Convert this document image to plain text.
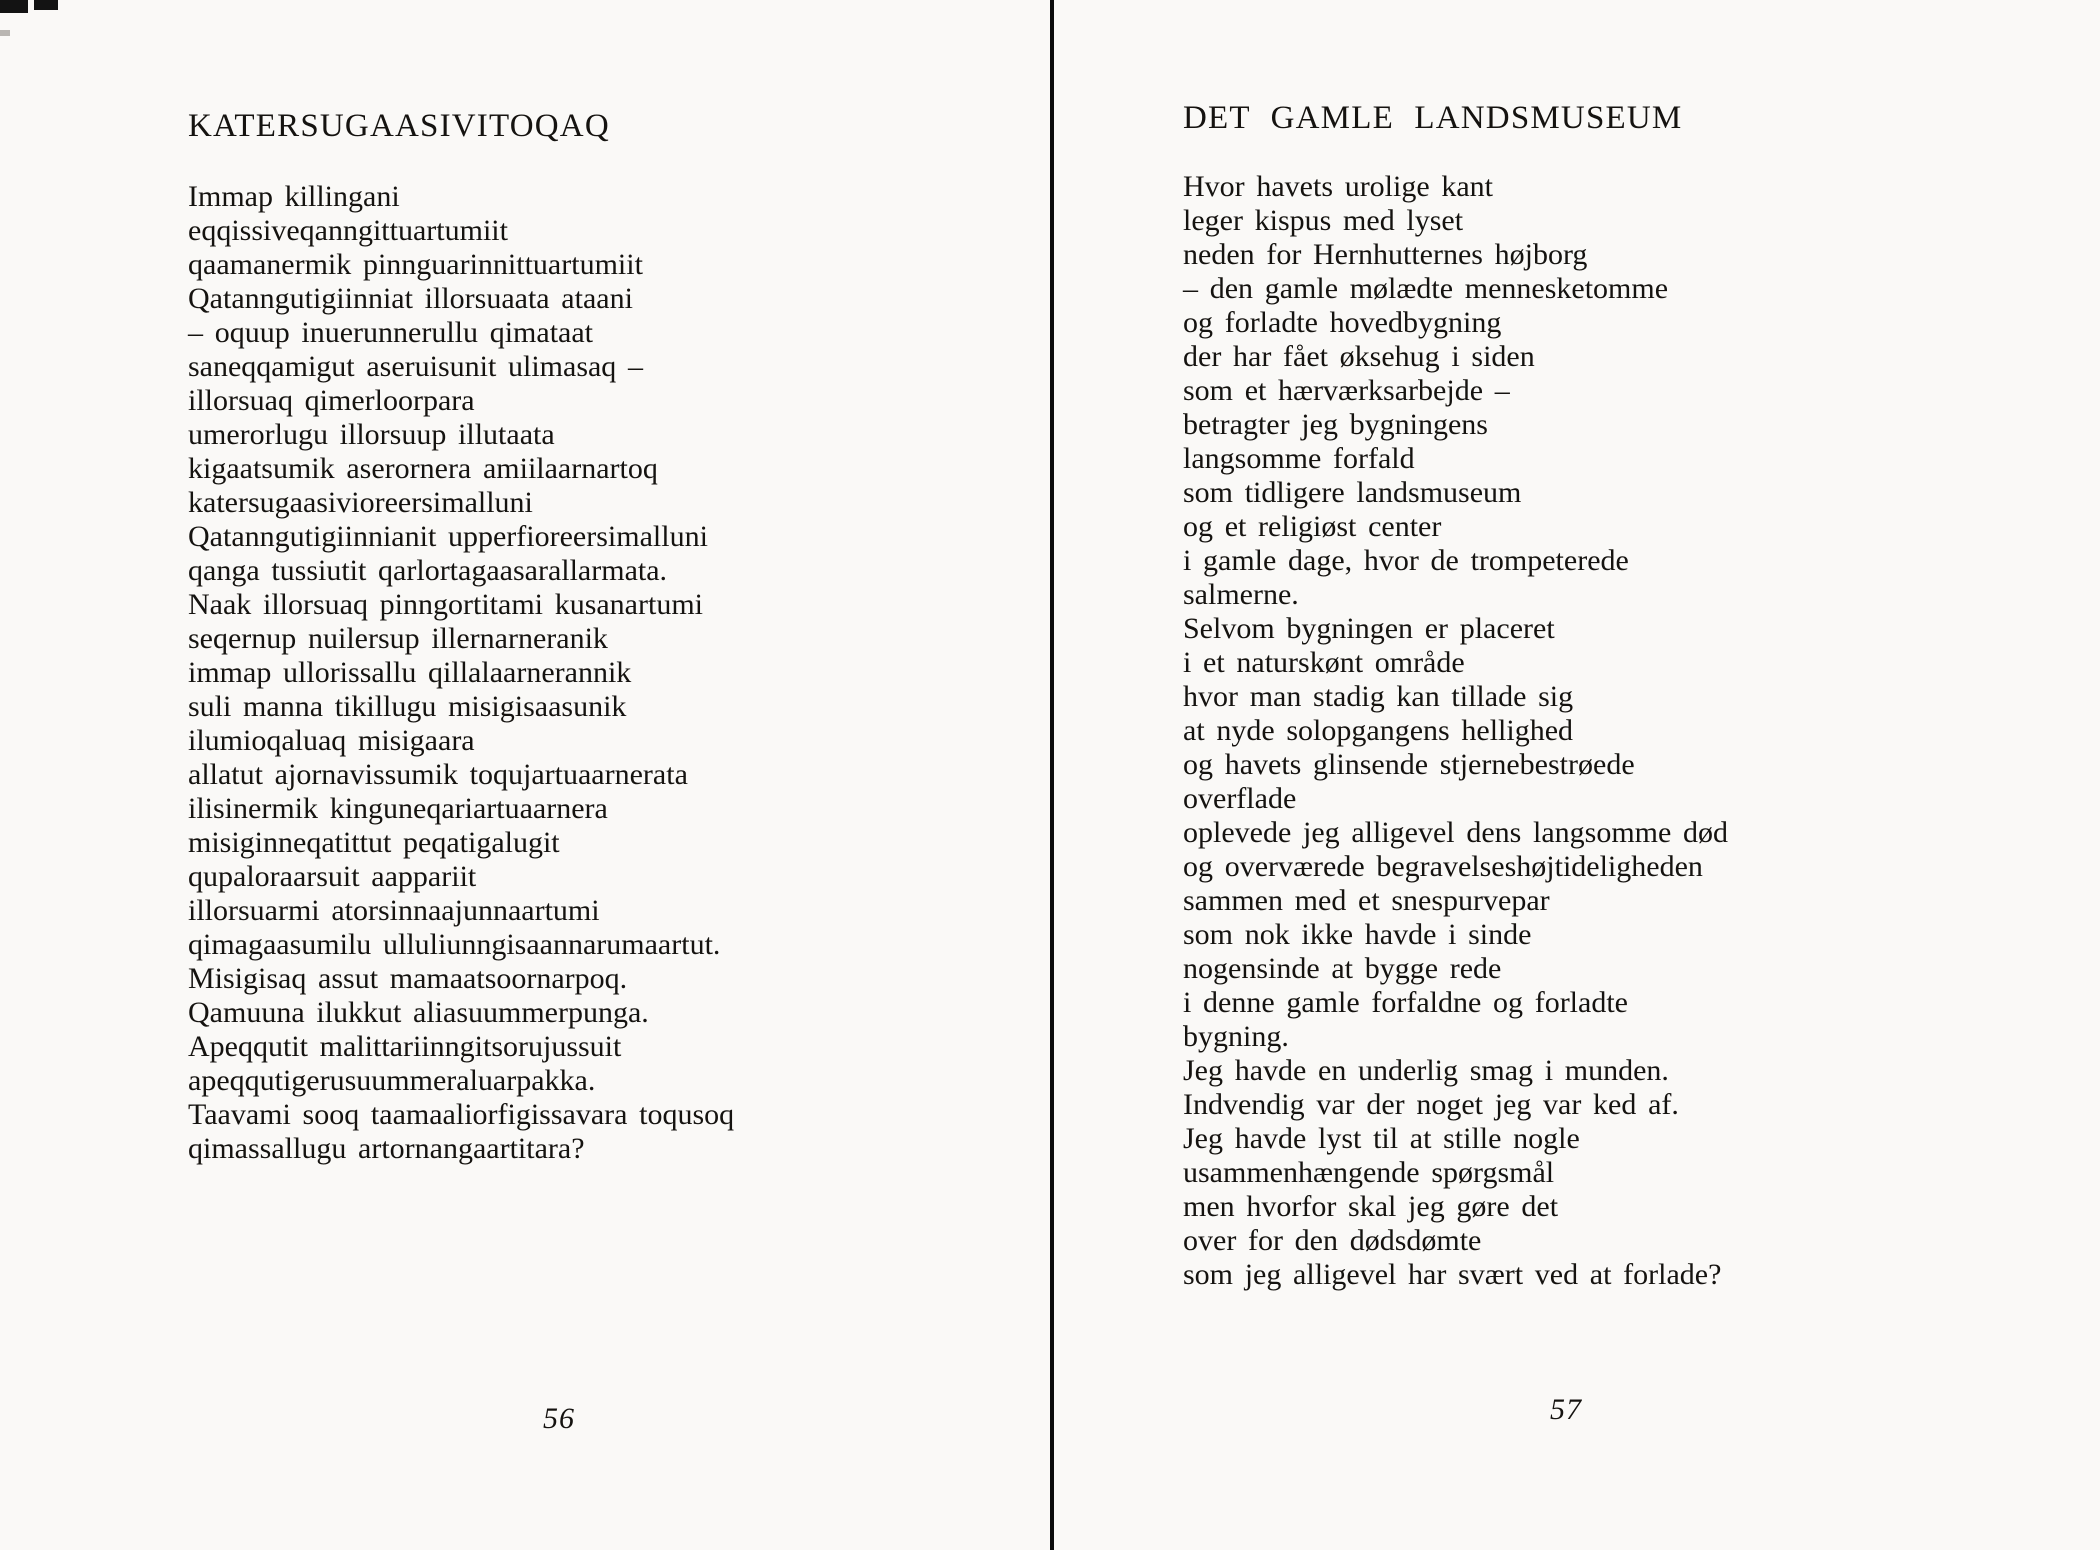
KATERSUGAASIVITOQAQ
Immap killingani
eqqissiveqanngittuartumiit
qaamanermik pinnguarinnittuartumiit
Qatanngutigiinniat illorsuaata ataani
– oquup inuerunnerullu qimataat
saneqqamigut aseruisunit ulimasaq –
illorsuaq qimerloorpara
umerorlugu illorsuup illutaata
kigaatsumik aserornera amiilaarnartoq
katersugaasivioreersimalluni
Qatanngutigiinnianit upperfioreersimalluni
qanga tussiutit qarlortagaasarallarmata.
Naak illorsuaq pinngortitami kusanartumi
seqernup nuilersup illernarneranik
immap ullorissallu qillalaarnerannik
suli manna tikillugu misigisaasunik
ilumioqaluaq misigaara
allatut ajornavissumik toqujartuaarnerata
ilisinermik kinguneqariartuaarnera
misiginneqatittut peqatigalugit
qupaloraarsuit aappariit
illorsuarmi atorsinnaajunnaartumi
qimagaasumilu ulluliunngisaannarumaartut.
Misigisaq assut mamaatsoornarpoq.
Qamuuna ilukkut aliasuummerpunga.
Apeqqutit malittariinngitsorujussuit
apeqqutigerusuummeraluarpakka.
Taavami sooq taamaaliorfigissavara toqusoq
qimassallugu artornangaartitara?
DET GAMLE LANDSMUSEUM
Hvor havets urolige kant
leger kispus med lyset
neden for Hernhutternes højborg
– den gamle mølædte mennesketomme
og forladte hovedbygning
der har fået øksehug i siden
som et hærværksarbejde –
betragter jeg bygningens
langsomme forfald
som tidligere landsmuseum
og et religiøst center
i gamle dage, hvor de trompeterede
salmerne.
Selvom bygningen er placeret
i et naturskønt område
hvor man stadig kan tillade sig
at nyde solopgangens hellighed
og havets glinsende stjernebestrøede
overflade
oplevede jeg alligevel dens langsomme død
og overværede begravelseshøjtideligheden
sammen med et snespurvepar
som nok ikke havde i sinde
nogensinde at bygge rede
i denne gamle forfaldne og forladte
bygning.
Jeg havde en underlig smag i munden.
Indvendig var der noget jeg var ked af.
Jeg havde lyst til at stille nogle
usammenhængende spørgsmål
men hvorfor skal jeg gøre det
over for den dødsdømte
som jeg alligevel har svært ved at forlade?
56	57
